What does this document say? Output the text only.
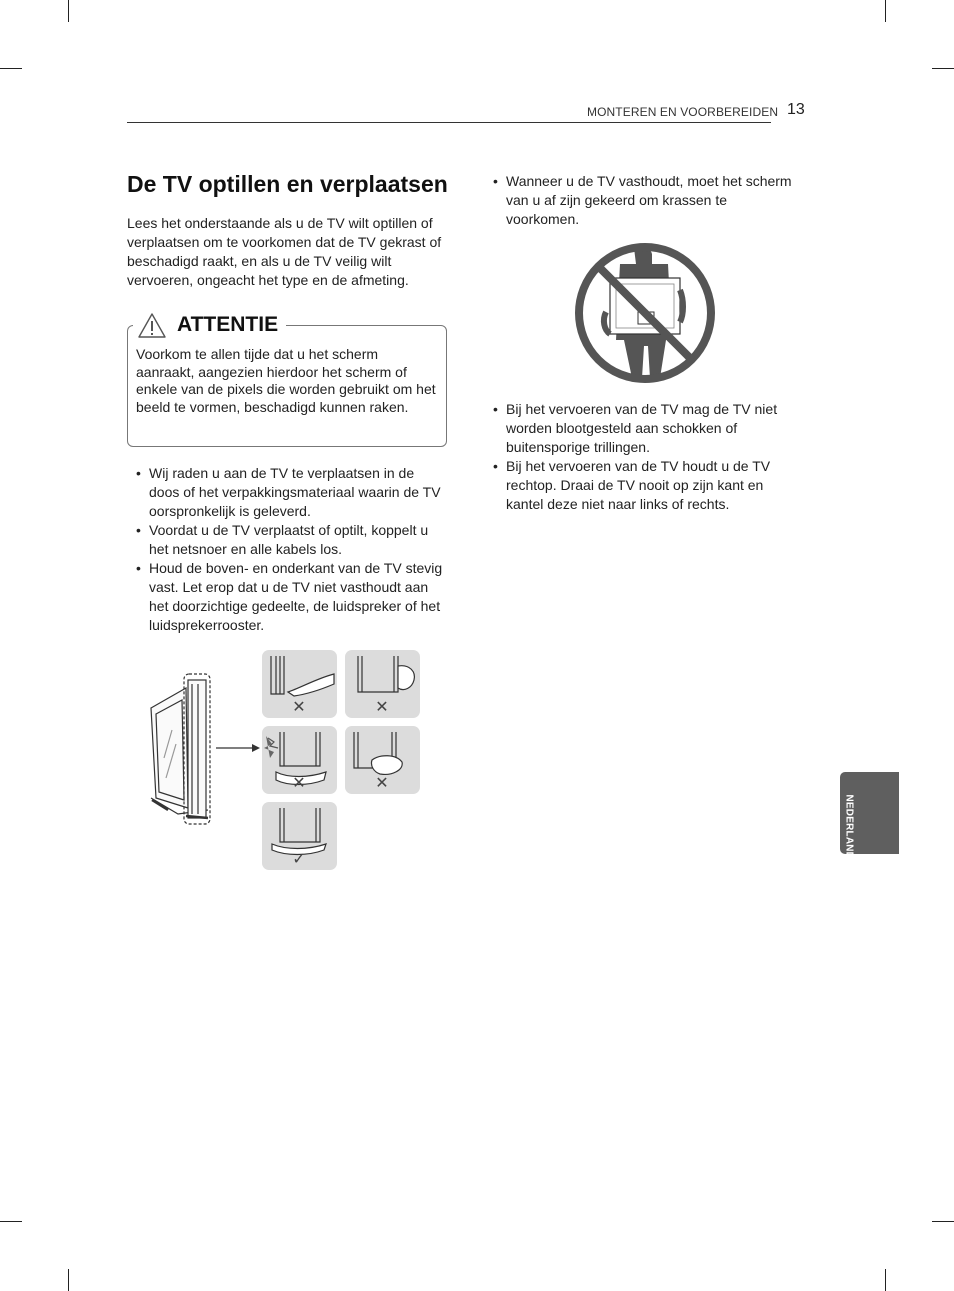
MONTEREN EN VOORBEREIDEN 13
De TV optillen en verplaatsen

Lees het onderstaande als u de TV wilt optillen of verplaatsen om te voorkomen dat de TV gekrast of beschadigd raakt, en als u de TV veilig wilt vervoeren, ongeacht het type en de afmeting.

ATTENTIE

Voorkom te allen tijde dat u het scherm aanraakt, aangezien hierdoor het scherm of enkele van de pixels die worden gebruikt om het beeld te vormen, beschadigd kunnen raken.

• Wij raden u aan de TV te verplaatsen in de doos of het verpakkingsmateriaal waarin de TV oorspronkelijk is geleverd.
• Voordat u de TV verplaatst of optilt, koppelt u het netsnoer en alle kabels los.
• Houd de boven- en onderkant van de TV stevig vast. Let erop dat u de TV niet vasthoudt aan het doorzichtige gedeelte, de luidspreker of het luidsprekerrooster.
✕	✕
✕	✕
✓
• Wanneer u de TV vasthoudt, moet het scherm van u af zijn gekeerd om krassen te voorkomen.
• Bij het vervoeren van de TV mag de TV niet worden blootgesteld aan schokken of buitensporige trillingen.
• Bij het vervoeren van de TV houdt u de TV rechtop. Draai de TV nooit op zijn kant en kantel deze niet naar links of rechts.
